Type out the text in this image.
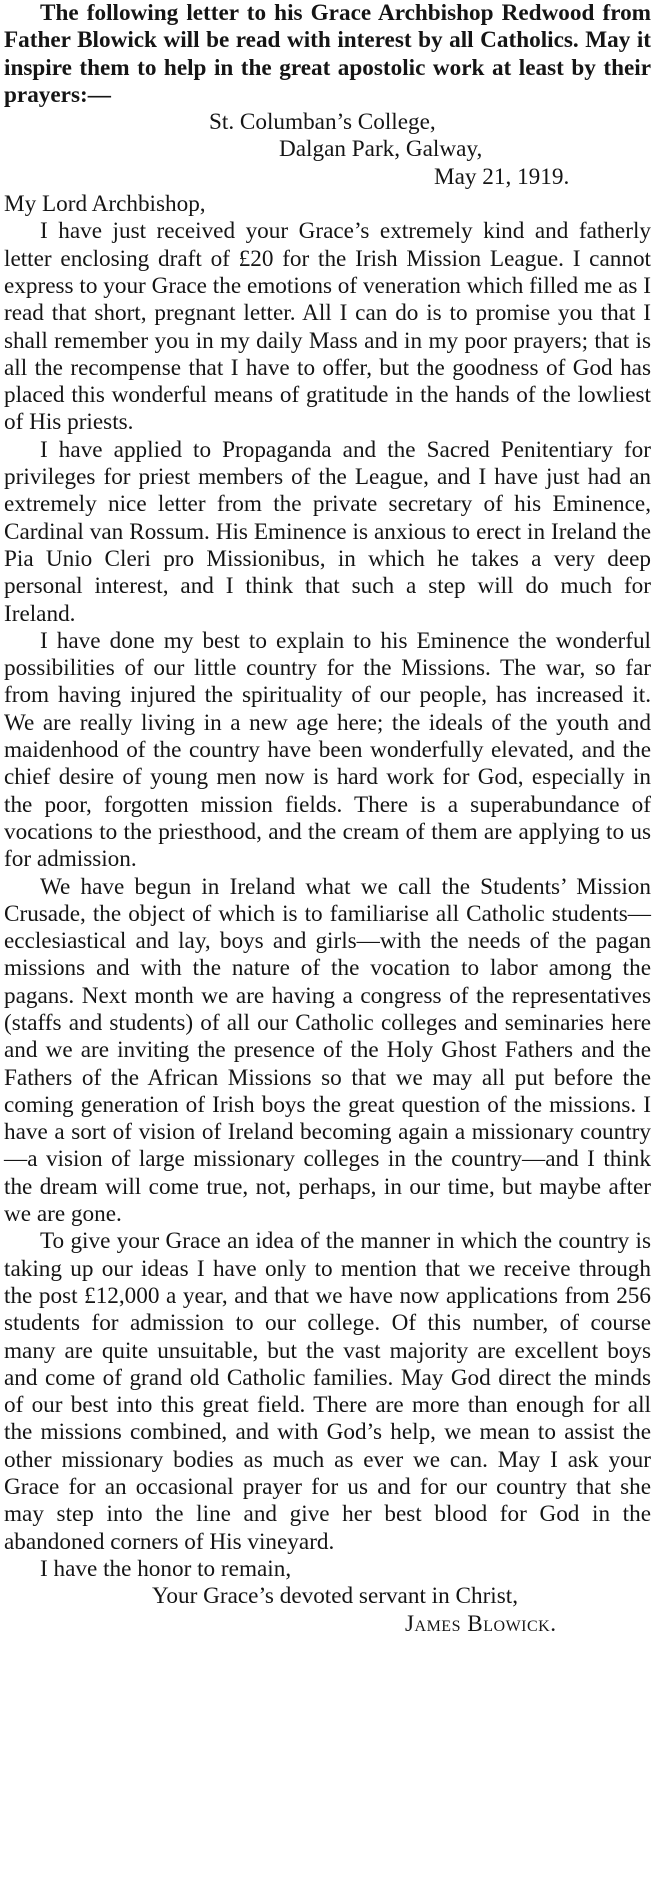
The following letter to his Grace Archbishop Redwood from Father Blowick will be read with interest by all Catholics. May it inspire them to help in the great apostolic work at least by their prayers:—

St. Columban’s College,
Dalgan Park, Galway,
May 21, 1919.

My Lord Archbishop,

I have just received your Grace’s extremely kind and fatherly letter enclosing draft of £20 for the Irish Mission League. I cannot express to your Grace the emotions of veneration which filled me as I read that short, pregnant letter. All I can do is to promise you that I shall remember you in my daily Mass and in my poor prayers; that is all the recompense that I have to offer, but the goodness of God has placed this wonderful means of gratitude in the hands of the lowliest of His priests.

I have applied to Propaganda and the Sacred Penitentiary for privileges for priest members of the League, and I have just had an extremely nice letter from the private secretary of his Eminence, Cardinal van Rossum. His Eminence is anxious to erect in Ireland the Pia Unio Cleri pro Missionibus, in which he takes a very deep personal interest, and I think that such a step will do much for Ireland.

I have done my best to explain to his Eminence the wonderful possibilities of our little country for the Missions. The war, so far from having injured the spirituality of our people, has increased it. We are really living in a new age here; the ideals of the youth and maidenhood of the country have been wonderfully elevated, and the chief desire of young men now is hard work for God, especially in the poor, forgotten mission fields. There is a superabundance of vocations to the priesthood, and the cream of them are applying to us for admission.

We have begun in Ireland what we call the Students’ Mission Crusade, the object of which is to familiarise all Catholic students—ecclesiastical and lay, boys and girls—with the needs of the pagan missions and with the nature of the vocation to labor among the pagans. Next month we are having a congress of the representatives (staffs and students) of all our Catholic colleges and seminaries here and we are inviting the presence of the Holy Ghost Fathers and the Fathers of the African Missions so that we may all put before the coming generation of Irish boys the great question of the missions. I have a sort of vision of Ireland becoming again a missionary country—a vision of large missionary colleges in the country—and I think the dream will come true, not, perhaps, in our time, but maybe after we are gone.

To give your Grace an idea of the manner in which the country is taking up our ideas I have only to mention that we receive through the post £12,000 a year, and that we have now applications from 256 students for admission to our college. Of this number, of course many are quite unsuitable, but the vast majority are excellent boys and come of grand old Catholic families. May God direct the minds of our best into this great field. There are more than enough for all the missions combined, and with God’s help, we mean to assist the other missionary bodies as much as ever we can. May I ask your Grace for an occasional prayer for us and for our country that she may step into the line and give her best blood for God in the abandoned corners of His vineyard.

I have the honor to remain,

Your Grace’s devoted servant in Christ,

James Blowick.
